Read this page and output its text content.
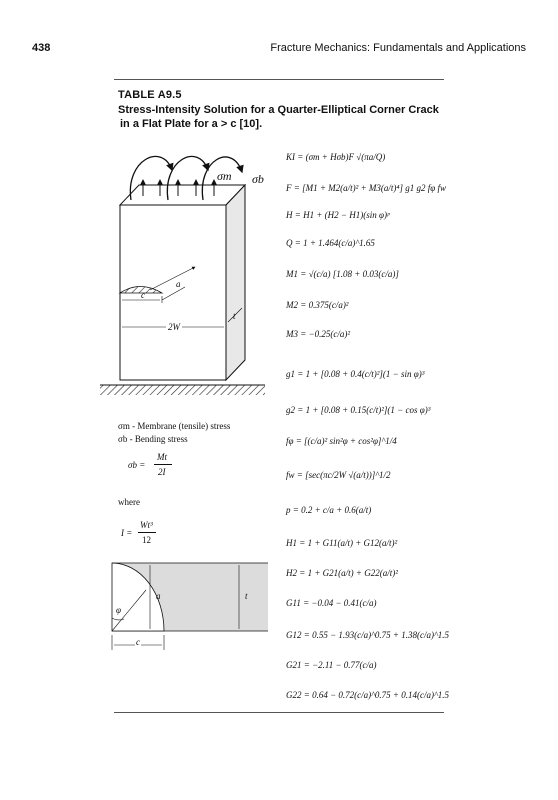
438	Fracture Mechanics: Fundamentals and Applications
TABLE A9.5
Stress-Intensity Solution for a Quarter-Elliptical Corner Crack
in a Flat Plate for a > c [10].
σm σb
a
c
t
2W
σm - Membrane (tensile) stress
σb - Bending stress
σb =
Mt
2I
where
I =
Wt³
12
a	t
c
φ
KI = (σm + Hσb)F √(πa/Q)
F = [M1 + M2(a/t)² + M3(a/t)⁴] g1 g2 fφ fw
H = H1 + (H2 − H1)(sin φ)ᵖ
Q = 1 + 1.464(c/a)^1.65
M1 = √(c/a) [1.08 + 0.03(c/a)]
M2 = 0.375(c/a)²
M3 = −0.25(c/a)²
g1 = 1 + [0.08 + 0.4(c/t)²](1 − sin φ)³
g2 = 1 + [0.08 + 0.15(c/t)²](1 − cos φ)³
fφ = [(c/a)² sin²φ + cos²φ]^1/4
fw = [sec(πc/2W √(a/t))]^1/2
p = 0.2 + c/a + 0.6(a/t)
H1 = 1 + G11(a/t) + G12(a/t)²
H2 = 1 + G21(a/t) + G22(a/t)²
G11 = −0.04 − 0.41(c/a)
G12 = 0.55 − 1.93(c/a)^0.75 + 1.38(c/a)^1.5
G21 = −2.11 − 0.77(c/a)
G22 = 0.64 − 0.72(c/a)^0.75 + 0.14(c/a)^1.5
